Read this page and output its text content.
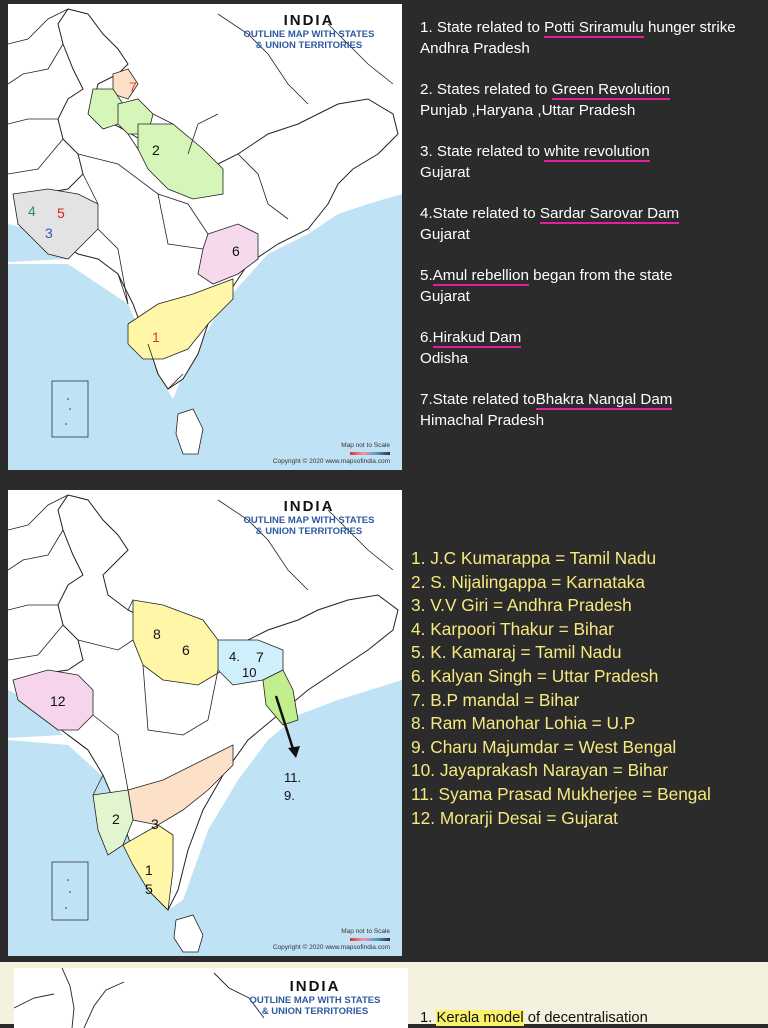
INDIA
OUTLINE MAP WITH STATES
& UNION TERRITORIES
Map not to Scale

Copyright © 2020 www.mapsofindia.com
7
2
4 5
3
6
1
1. State related to Potti Sriramulu hunger strike
Andhra Pradesh
2. States related to Green Revolution
Punjab ,Haryana ,Uttar Pradesh
3. State related to white revolution
Gujarat
4.State related to Sardar Sarovar Dam
Gujarat
5.Amul rebellion began from the state
Gujarat
6.Hirakud Dam
Odisha
7.State related toBhakra Nangal Dam
Himachal Pradesh
INDIA
OUTLINE MAP WITH STATES
& UNION TERRITORIES
Map not to Scale

Copyright © 2020 www.mapsofindia.com
8
6	4. 7
10
12
11.
9.
2 3
1
5
1. J.C Kumarappa = Tamil Nadu
2. S. Nijalingappa = Karnataka
3. V.V Giri = Andhra Pradesh
4. Karpoori Thakur = Bihar
5. K. Kamaraj = Tamil Nadu
6. Kalyan Singh = Uttar Pradesh
7. B.P mandal = Bihar
8. Ram Manohar Lohia = U.P
9. Charu Majumdar = West Bengal
10. Jayaprakash Narayan = Bihar
11. Syama Prasad Mukherjee = Bengal
12. Morarji Desai = Gujarat
INDIA
OUTLINE MAP WITH STATES
& UNION TERRITORIES	1. Kerala model of decentralisation
